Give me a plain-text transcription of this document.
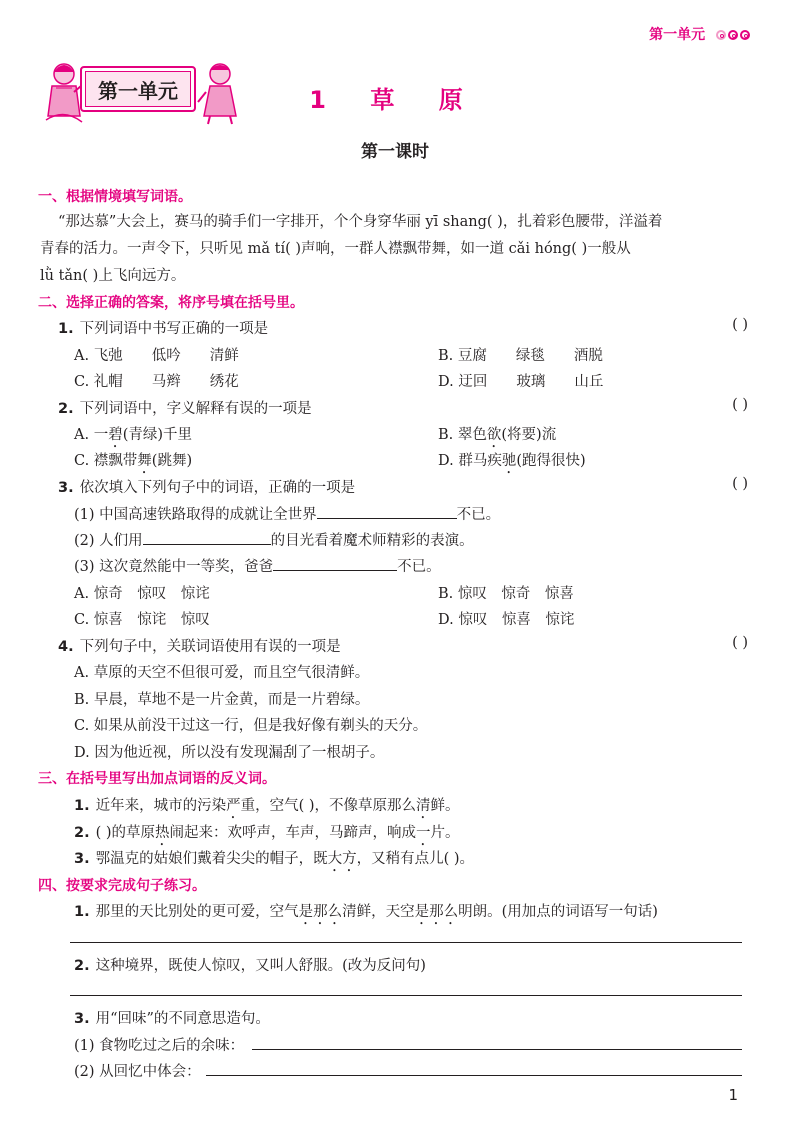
第一单元
第一单元	1 草 原
第一课时
一、根据情境填写词语。
“那达慕”大会上，赛马的骑手们一字排开，个个身穿华丽 yī shang( )，扎着彩色腰带，洋溢着
青春的活力。一声令下，只听见 mǎ tí( )声响，一群人襟飘带舞，如一道 cǎi hóng( )一般从
lǜ tǎn( )上飞向远方。
二、选择正确的答案，将序号填在括号里。
1. 下列词语中书写正确的一项是	( )
A. 飞弛　　低吟　　清鲜	B. 豆腐　　绿毯　　酒脱
C. 礼帽　　马辫　　绣花	D. 迂回　　玻璃　　山丘
2. 下列词语中，字义解释有误的一项是	( )
A. 一碧(青绿)千里	B. 翠色欲(将要)流
C. 襟飘带舞(跳舞)	D. 群马疾驰(跑得很快)
3. 依次填入下列句子中的词语，正确的一项是	( )
(1) 中国高速铁路取得的成就让全世界	不已。
(2) 人们用	的目光看着魔术师精彩的表演。
(3) 这次竟然能中一等奖，爸爸	不已。
A. 惊奇　惊叹　惊诧	B. 惊叹　惊奇　惊喜
C. 惊喜　惊诧　惊叹	D. 惊叹　惊喜　惊诧
4. 下列句子中，关联词语使用有误的一项是	( )
A. 草原的天空不但很可爱，而且空气很清鲜。
B. 早晨，草地不是一片金黄，而是一片碧绿。
C. 如果从前没干过这一行，但是我好像有剃头的天分。
D. 因为他近视，所以没有发现漏刮了一根胡子。
三、在括号里写出加点词语的反义词。
1. 近年来，城市的污染严重，空气( )，不像草原那么清鲜。
2. ( )的草原热闹起来：欢呼声，车声，马蹄声，响成一片。
3. 鄂温克的姑娘们戴着尖尖的帽子，既大方，又稍有点儿( )。
四、按要求完成句子练习。
1. 那里的天比别处的更可爱，空气是那么清鲜，天空是那么明朗。(用加点的词语写一句话)
2. 这种境界，既使人惊叹，又叫人舒服。(改为反问句)
3. 用“回味”的不同意思造句。
(1) 食物吃过之后的余味：
(2) 从回忆中体会：
1
